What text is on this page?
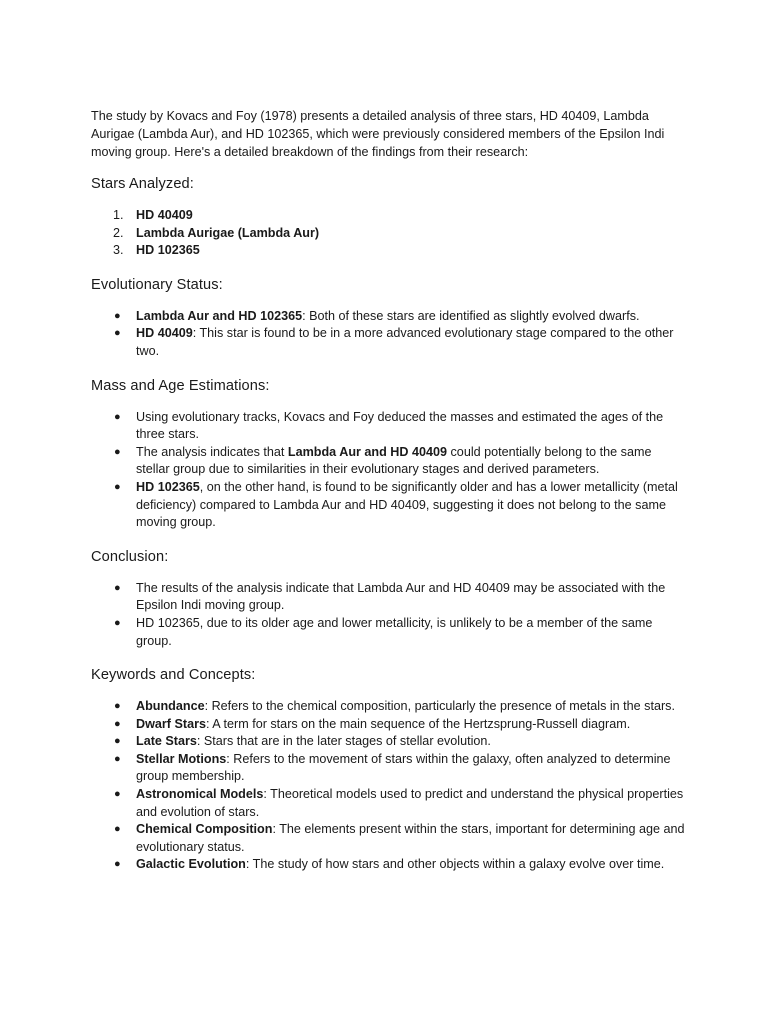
The study by Kovacs and Foy (1978) presents a detailed analysis of three stars, HD 40409, Lambda Aurigae (Lambda Aur), and HD 102365, which were previously considered members of the Epsilon Indi moving group. Here's a detailed breakdown of the findings from their research:

Stars Analyzed:
1. HD 40409
2. Lambda Aurigae (Lambda Aur)
3. HD 102365
Evolutionary Status:
● Lambda Aur and HD 102365: Both of these stars are identified as slightly evolved dwarfs.
● HD 40409: This star is found to be in a more advanced evolutionary stage compared to the other two.
Mass and Age Estimations:
● Using evolutionary tracks, Kovacs and Foy deduced the masses and estimated the ages of the three stars.
● The analysis indicates that Lambda Aur and HD 40409 could potentially belong to the same stellar group due to similarities in their evolutionary stages and derived parameters.
● HD 102365, on the other hand, is found to be significantly older and has a lower metallicity (metal deficiency) compared to Lambda Aur and HD 40409, suggesting it does not belong to the same moving group.
Conclusion:
● The results of the analysis indicate that Lambda Aur and HD 40409 may be associated with the Epsilon Indi moving group.
● HD 102365, due to its older age and lower metallicity, is unlikely to be a member of the same group.
Keywords and Concepts:
● Abundance: Refers to the chemical composition, particularly the presence of metals in the stars.
● Dwarf Stars: A term for stars on the main sequence of the Hertzsprung-Russell diagram.
● Late Stars: Stars that are in the later stages of stellar evolution.
● Stellar Motions: Refers to the movement of stars within the galaxy, often analyzed to determine group membership.
● Astronomical Models: Theoretical models used to predict and understand the physical properties and evolution of stars.
● Chemical Composition: The elements present within the stars, important for determining age and evolutionary status.
● Galactic Evolution: The study of how stars and other objects within a galaxy evolve over time.
